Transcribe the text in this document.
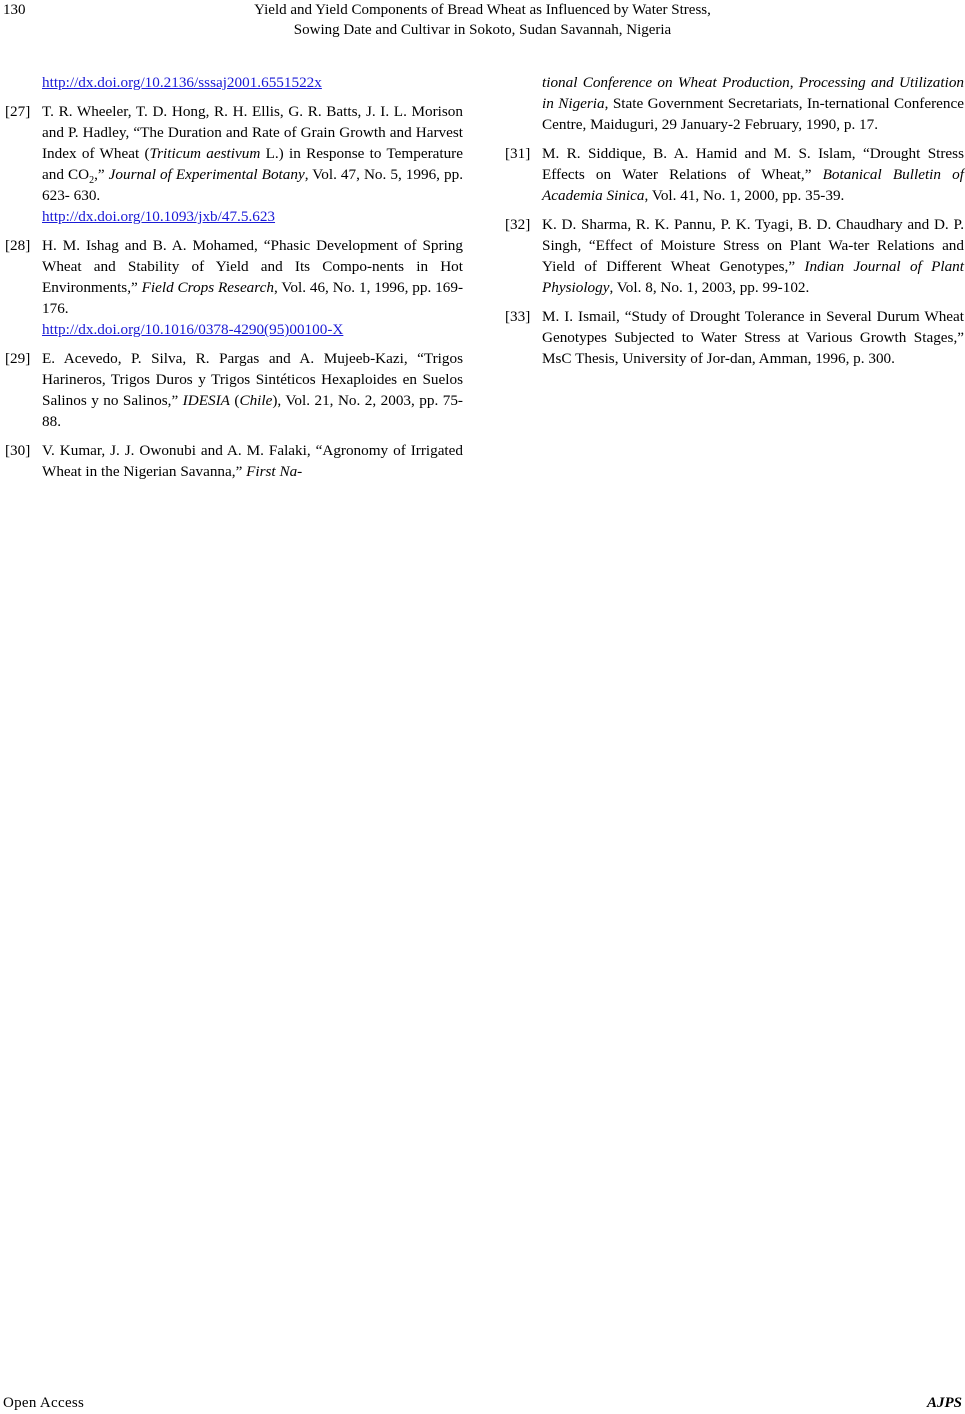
130	Yield and Yield Components of Bread Wheat as Influenced by Water Stress,
Sowing Date and Cultivar in Sokoto, Sudan Savannah, Nigeria
http://dx.doi.org/10.2136/sssaj2001.6551522x
[27] T. R. Wheeler, T. D. Hong, R. H. Ellis, G. R. Batts, J. I. L. Morison and P. Hadley, “The Duration and Rate of Grain Growth and Harvest Index of Wheat (Triticum aestivum L.) in Response to Temperature and $CO_2$,” Journal of Experimental Botany, Vol. 47, No. 5, 1996, pp. 623- 630.
http://dx.doi.org/10.1093/jxb/47.5.623
[28] H. M. Ishag and B. A. Mohamed, “Phasic Development of Spring Wheat and Stability of Yield and Its Compo-nents in Hot Environments,” Field Crops Research, Vol. 46, No. 1, 1996, pp. 169-176.
http://dx.doi.org/10.1016/0378-4290(95)00100-X
[29] E. Acevedo, P. Silva, R. Pargas and A. Mujeeb-Kazi, “Trigos Harineros, Trigos Duros y Trigos Sintéticos Hexaploides en Suelos Salinos y no Salinos,” IDESIA (Chile), Vol. 21, No. 2, 2003, pp. 75-88.
[30] V. Kumar, J. J. Owonubi and A. M. Falaki, “Agronomy of Irrigated Wheat in the Nigerian Savanna,” First Na-
tional Conference on Wheat Production, Processing and Utilization in Nigeria, State Government Secretariats, In-ternational Conference Centre, Maiduguri, 29 January-2 February, 1990, p. 17.
[31] M. R. Siddique, B. A. Hamid and M. S. Islam, “Drought Stress Effects on Water Relations of Wheat,” Botanical Bulletin of Academia Sinica, Vol. 41, No. 1, 2000, pp. 35-39.
[32] K. D. Sharma, R. K. Pannu, P. K. Tyagi, B. D. Chaudhary and D. P. Singh, “Effect of Moisture Stress on Plant Wa-ter Relations and Yield of Different Wheat Genotypes,” Indian Journal of Plant Physiology, Vol. 8, No. 1, 2003, pp. 99-102.
[33] M. I. Ismail, “Study of Drought Tolerance in Several Durum Wheat Genotypes Subjected to Water Stress at Various Growth Stages,” MsC Thesis, University of Jor-dan, Amman, 1996, p. 300.
Open Access	AJPS
